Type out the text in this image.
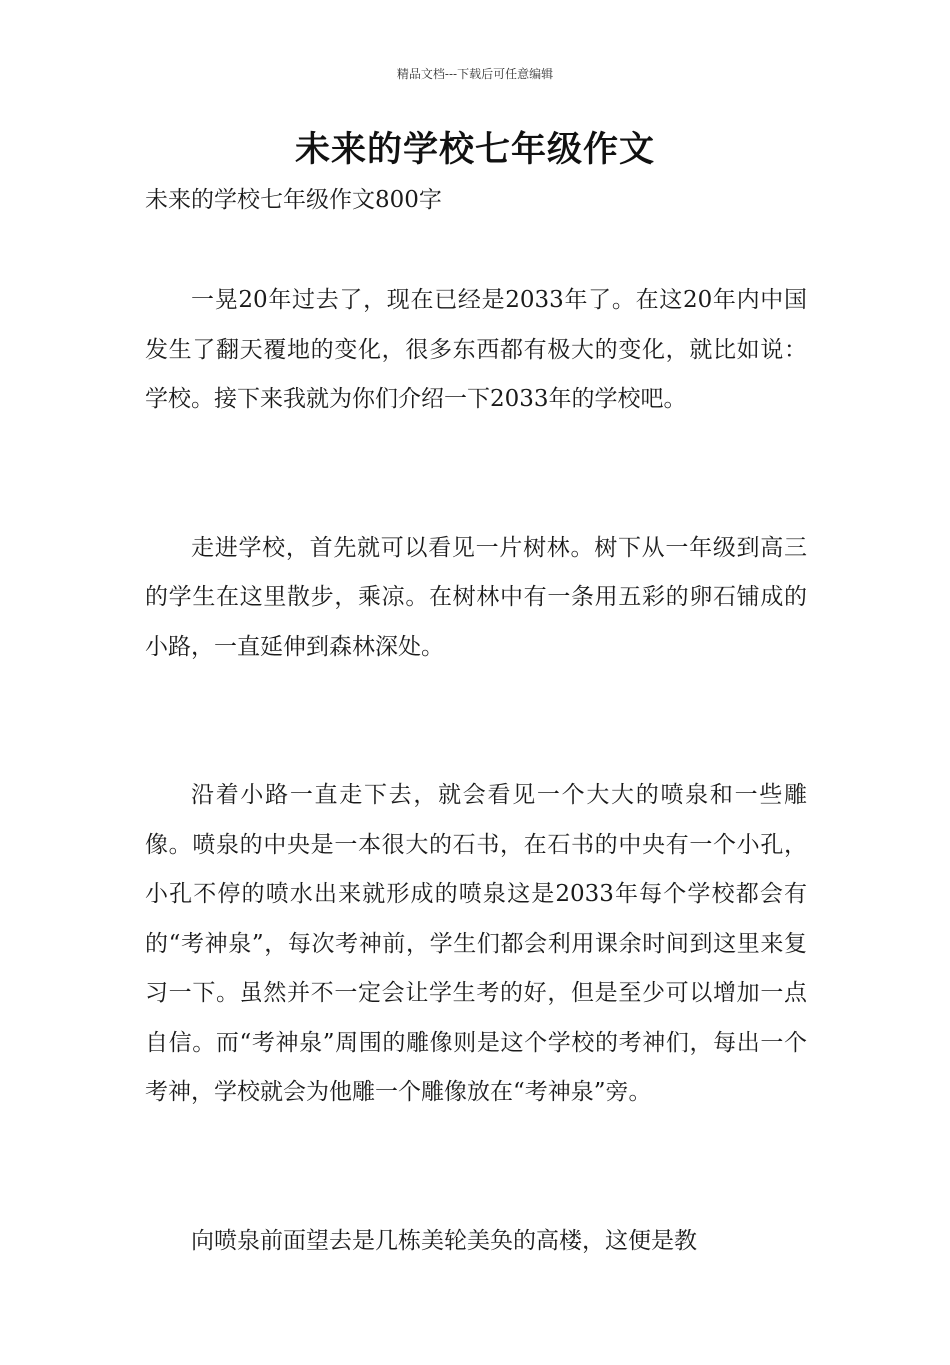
精品文档---下载后可任意编辑
未来的学校七年级作文
未来的学校七年级作文800字

一晃20年过去了，现在已经是2033年了。在这20年内中国发生了翻天覆地的变化，很多东西都有极大的变化，就比如说：学校。接下来我就为你们介绍一下2033年的学校吧。

走进学校，首先就可以看见一片树林。树下从一年级到高三的学生在这里散步，乘凉。在树林中有一条用五彩的卵石铺成的小路，一直延伸到森林深处。

沿着小路一直走下去，就会看见一个大大的喷泉和一些雕像。喷泉的中央是一本很大的石书，在石书的中央有一个小孔，小孔不停的喷水出来就形成的喷泉这是2033年每个学校都会有的“考神泉”，每次考神前，学生们都会利用课余时间到这里来复习一下。虽然并不一定会让学生考的好，但是至少可以增加一点自信。而“考神泉”周围的雕像则是这个学校的考神们，每出一个考神，学校就会为他雕一个雕像放在“考神泉”旁。

向喷泉前面望去是几栋美轮美奂的高楼，这便是教
